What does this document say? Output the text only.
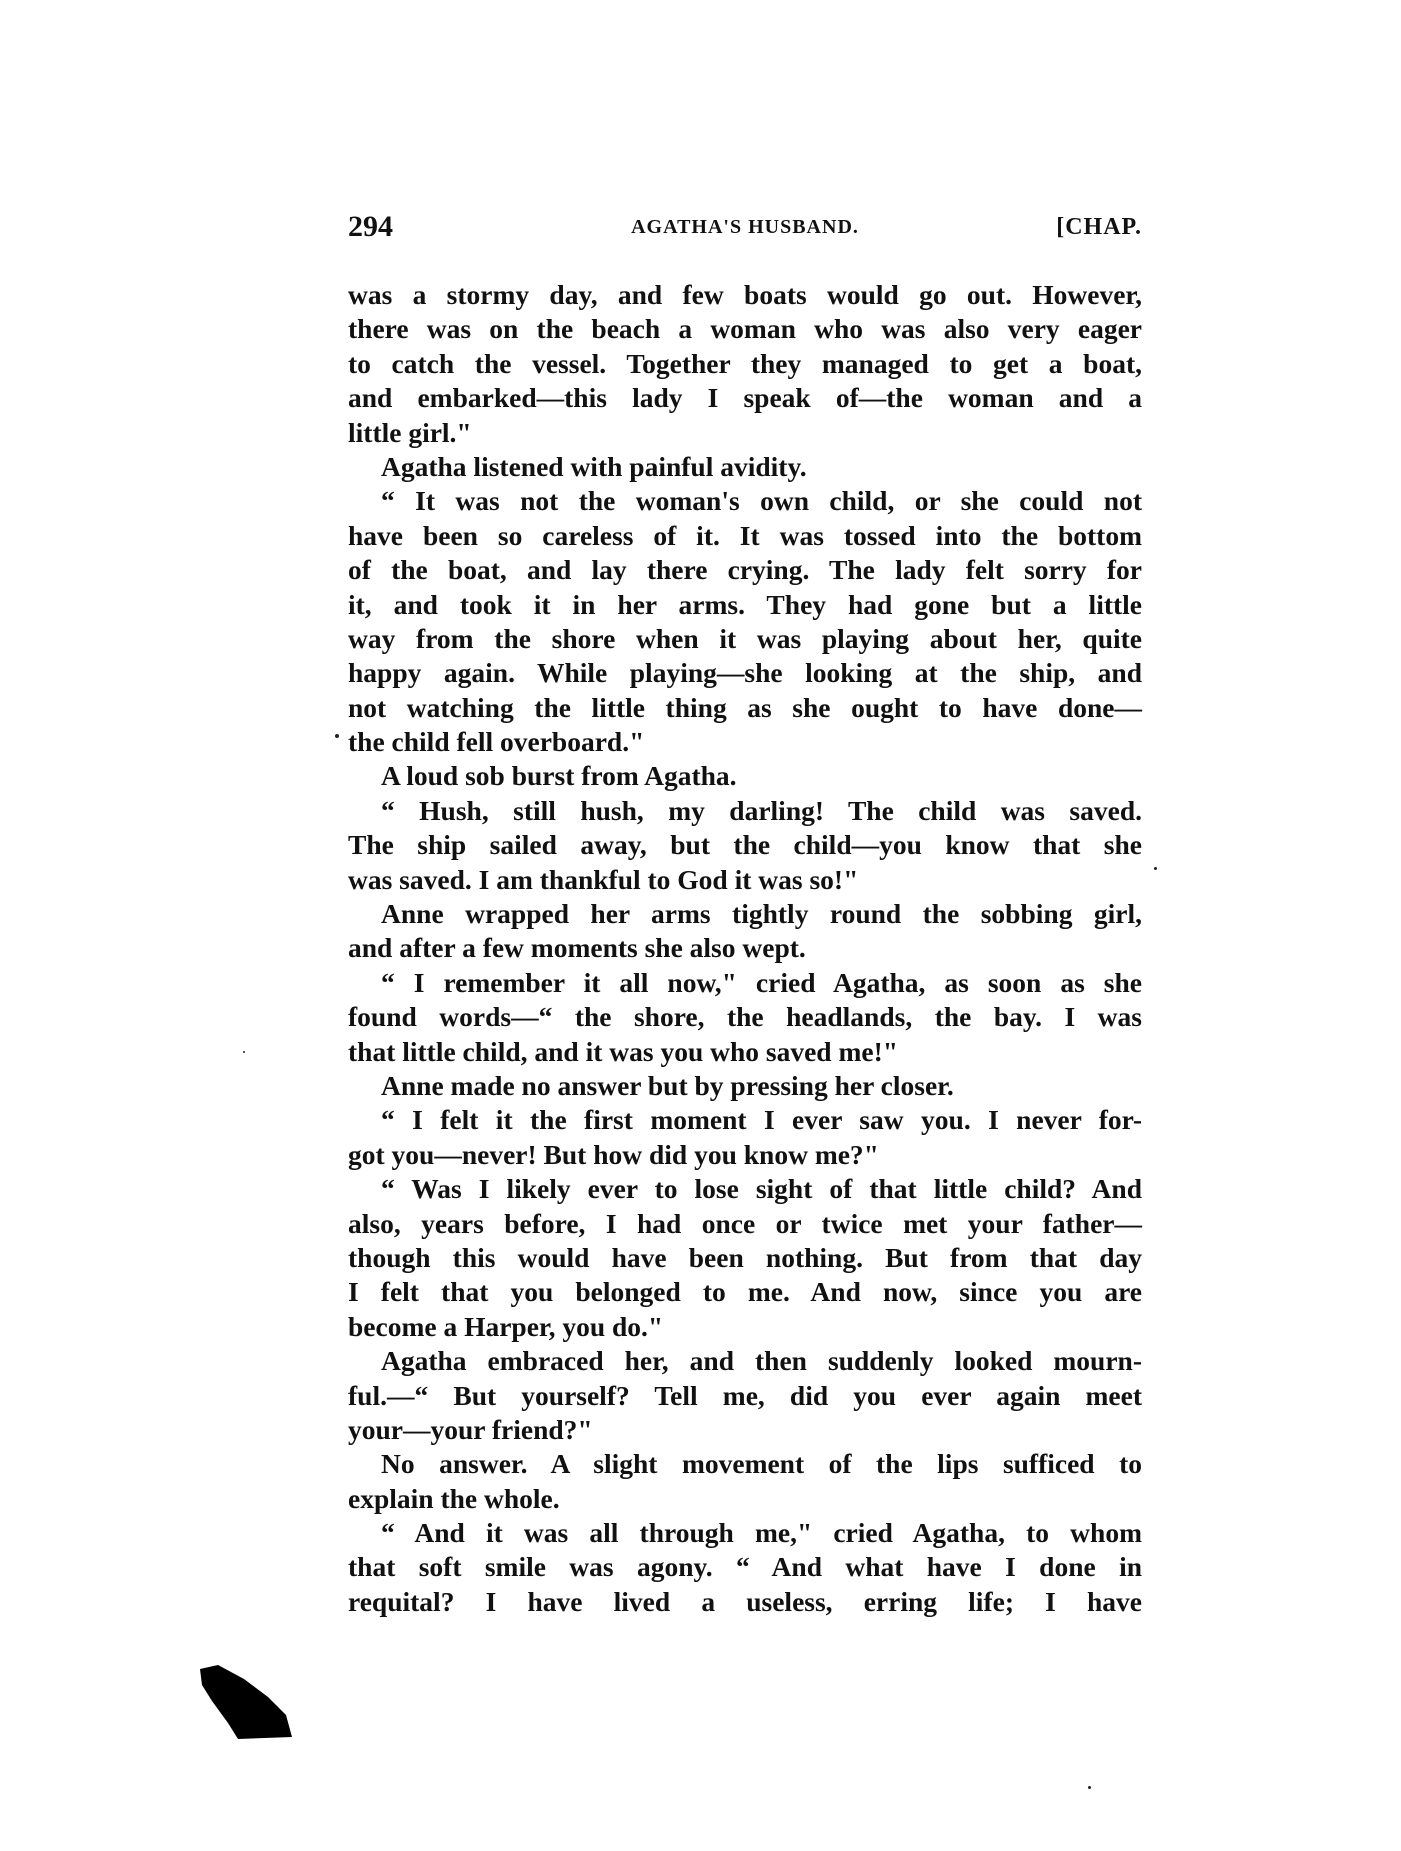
294	AGATHA'S HUSBAND.	[CHAP.
was a stormy day, and few boats would go out. However,
there was on the beach a woman who was also very eager
to catch the vessel. Together they managed to get a boat,
and embarked—this lady I speak of—the woman and a
little girl."
Agatha listened with painful avidity.
“ It was not the woman's own child, or she could not
have been so careless of it. It was tossed into the bottom
of the boat, and lay there crying. The lady felt sorry for
it, and took it in her arms. They had gone but a little
way from the shore when it was playing about her, quite
happy again. While playing—she looking at the ship, and
not watching the little thing as she ought to have done—
the child fell overboard."
A loud sob burst from Agatha.
“ Hush, still hush, my darling! The child was saved.
The ship sailed away, but the child—you know that she
was saved. I am thankful to God it was so!"
Anne wrapped her arms tightly round the sobbing girl,
and after a few moments she also wept.
“ I remember it all now," cried Agatha, as soon as she
found words—“ the shore, the headlands, the bay. I was
that little child, and it was you who saved me!"
Anne made no answer but by pressing her closer.
“ I felt it the first moment I ever saw you. I never for-
got you—never! But how did you know me?"
“ Was I likely ever to lose sight of that little child? And
also, years before, I had once or twice met your father—
though this would have been nothing. But from that day
I felt that you belonged to me. And now, since you are
become a Harper, you do."
Agatha embraced her, and then suddenly looked mourn-
ful.—“ But yourself? Tell me, did you ever again meet
your—your friend?"
No answer. A slight movement of the lips sufficed to
explain the whole.
“ And it was all through me," cried Agatha, to whom
that soft smile was agony. “ And what have I done in
requital? I have lived a useless, erring life; I have
